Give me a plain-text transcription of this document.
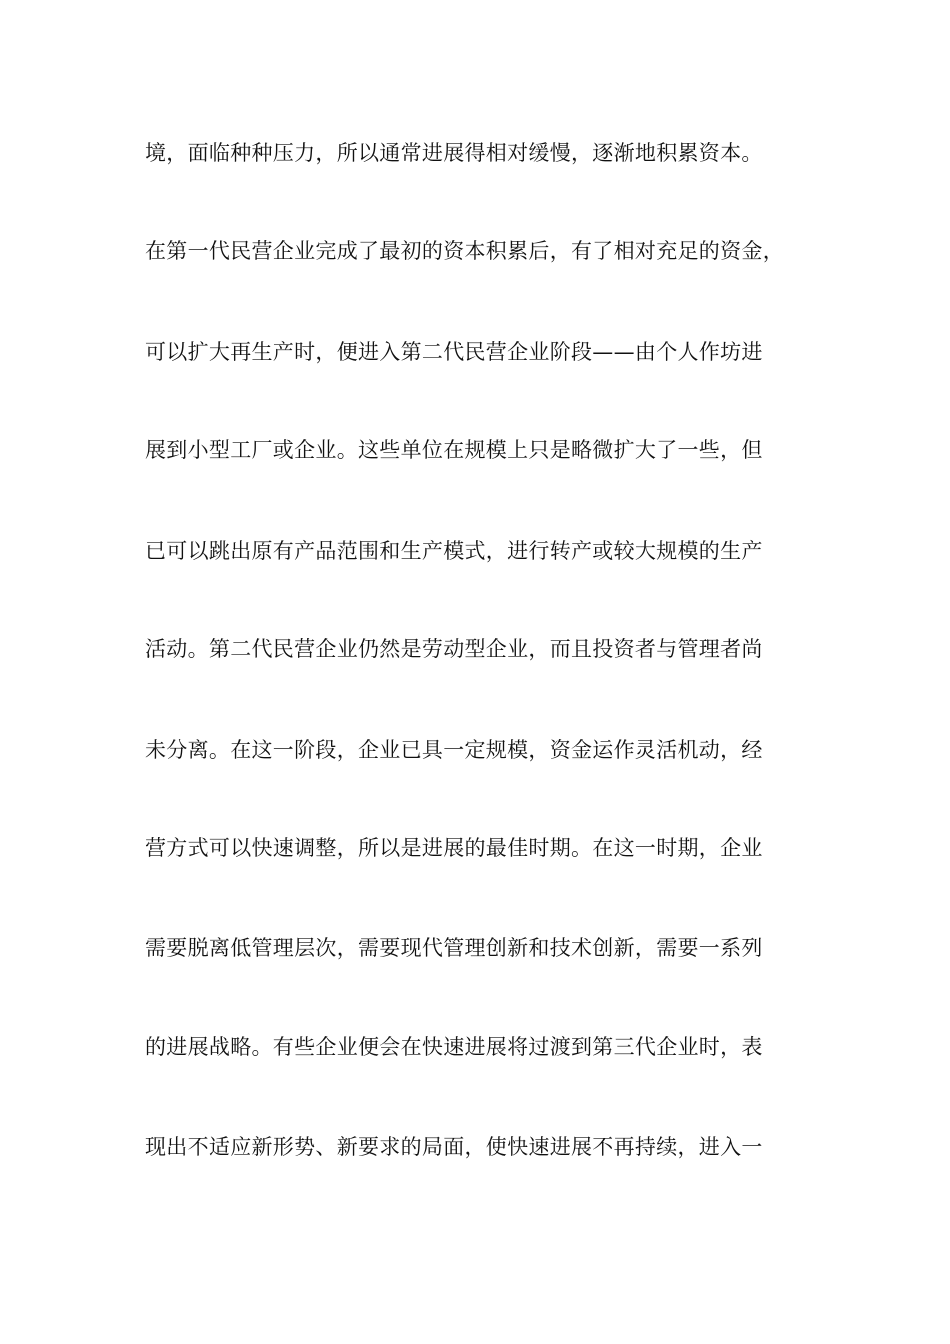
境，面临种种压力，所以通常进展得相对缓慢，逐渐地积累资本。
在第一代民营企业完成了最初的资本积累后，有了相对充足的资金，
可以扩大再生产时，便进入第二代民营企业阶段——由个人作坊进
展到小型工厂或企业。这些单位在规模上只是略微扩大了一些，但
已可以跳出原有产品范围和生产模式，进行转产或较大规模的生产
活动。第二代民营企业仍然是劳动型企业，而且投资者与管理者尚
未分离。在这一阶段，企业已具一定规模，资金运作灵活机动，经
营方式可以快速调整，所以是进展的最佳时期。在这一时期，企业
需要脱离低管理层次，需要现代管理创新和技术创新，需要一系列
的进展战略。有些企业便会在快速进展将过渡到第三代企业时，表
现出不适应新形势、新要求的局面，使快速进展不再持续，进入一
